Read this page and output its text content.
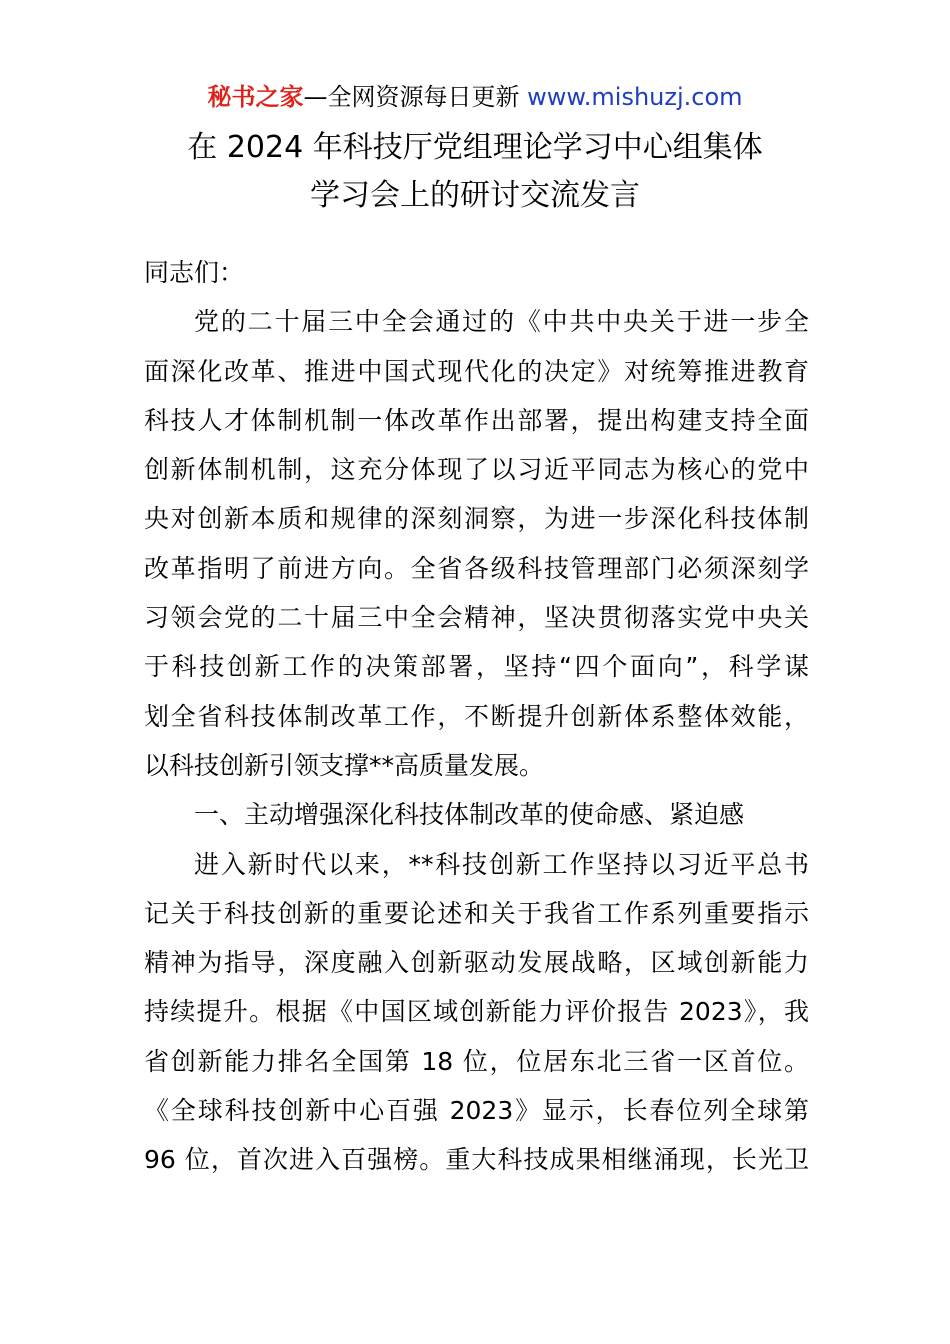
秘书之家—全网资源每日更新 www.mishuzj.com
在 2024 年科技厅党组理论学习中心组集体
学习会上的研讨交流发言
同志们：
党的二十届三中全会通过的《中共中央关于进一步全
面深化改革、推进中国式现代化的决定》对统筹推进教育
科技人才体制机制一体改革作出部署，提出构建支持全面
创新体制机制，这充分体现了以习近平同志为核心的党中
央对创新本质和规律的深刻洞察，为进一步深化科技体制
改革指明了前进方向。全省各级科技管理部门必须深刻学
习领会党的二十届三中全会精神，坚决贯彻落实党中央关
于科技创新工作的决策部署，坚持“四个面向”，科学谋
划全省科技体制改革工作，不断提升创新体系整体效能，
以科技创新引领支撑**高质量发展。
一、主动增强深化科技体制改革的使命感、紧迫感
进入新时代以来，**科技创新工作坚持以习近平总书
记关于科技创新的重要论述和关于我省工作系列重要指示
精神为指导，深度融入创新驱动发展战略，区域创新能力
持续提升。根据《中国区域创新能力评价报告 2023》，我
省创新能力排名全国第 18 位，位居东北三省一区首位。
《全球科技创新中心百强 2023》显示，长春位列全球第
96 位，首次进入百强榜。重大科技成果相继涌现，长光卫
